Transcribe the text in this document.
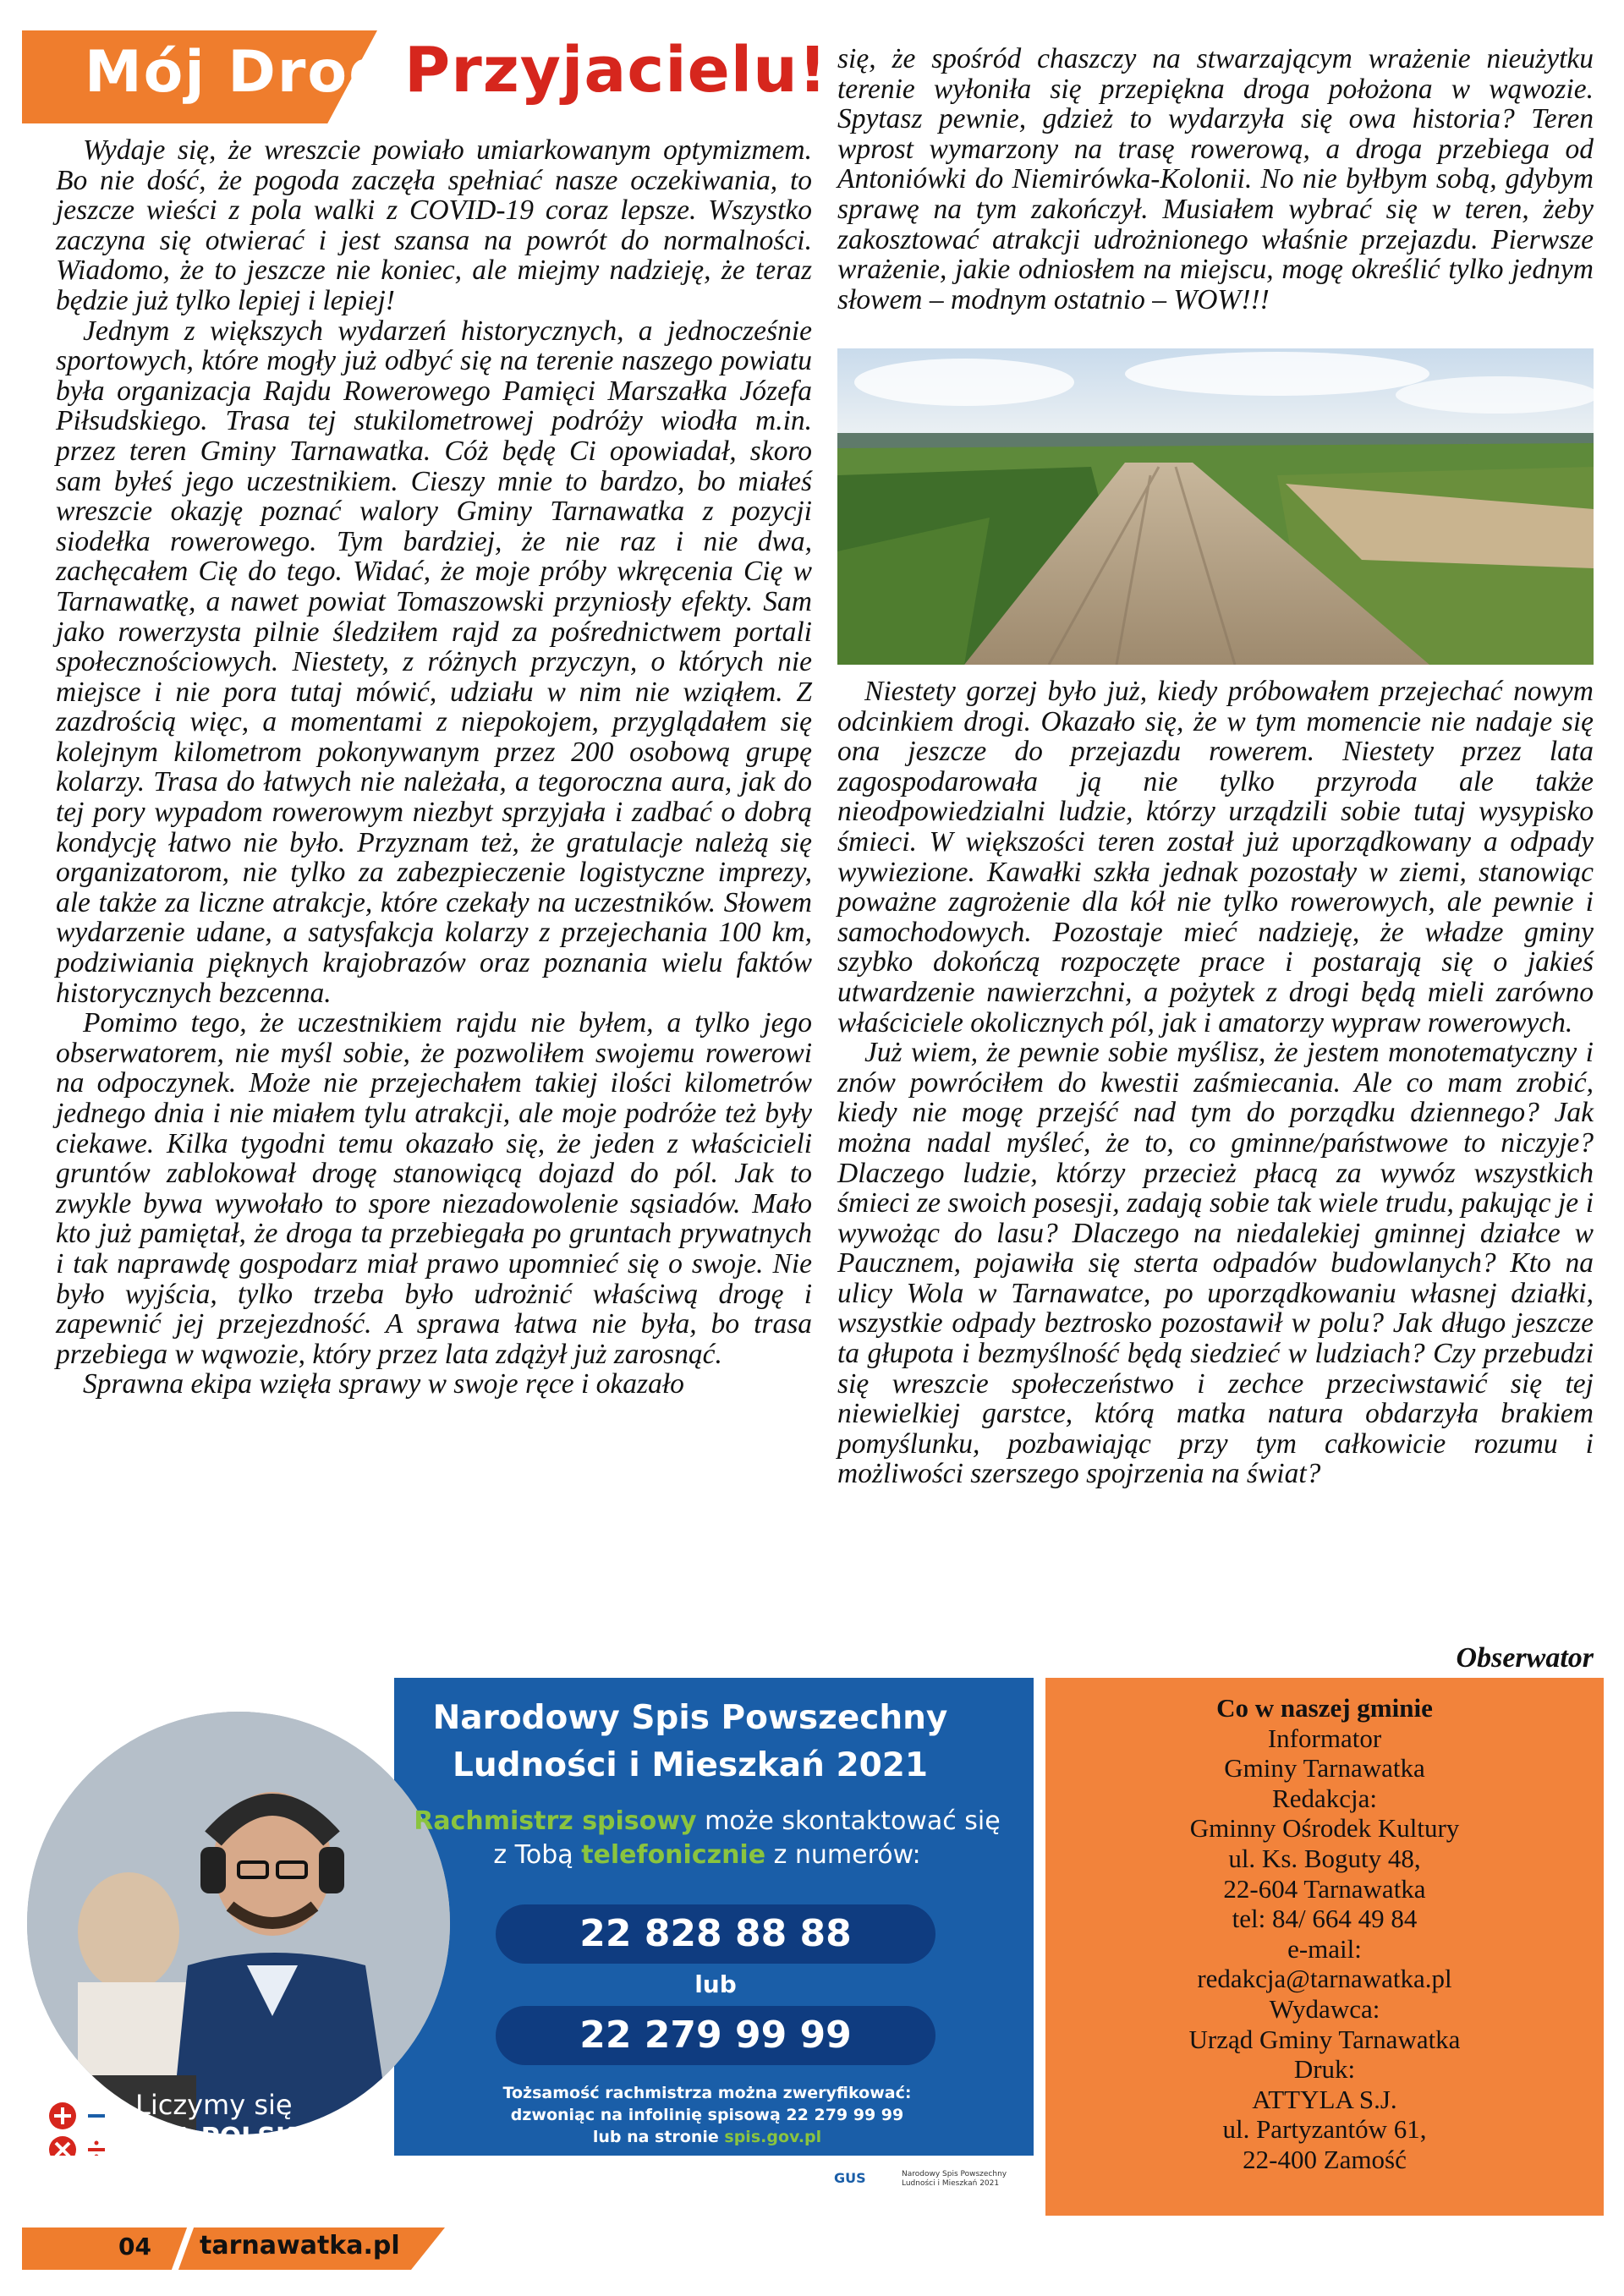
Mój Drogi
Przyjacielu!

Wydaje się, że wreszcie powiało umiarkowanym optymizmem. Bo nie dość, że pogoda zaczęła spełniać nasze oczekiwania, to jeszcze wieści z pola walki z COVID-19 coraz lepsze. Wszystko zaczyna się otwierać i jest szansa na powrót do normalności. Wiadomo, że to jeszcze nie koniec, ale miejmy nadzieję, że teraz będzie już tylko lepiej i lepiej!

Jednym z większych wydarzeń historycznych, a jednocześnie sportowych, które mogły już odbyć się na terenie naszego powiatu była organizacja Rajdu Rowerowego Pamięci Marszałka Józefa Piłsudskiego. Trasa tej stukilometrowej podróży wiodła m.in. przez teren Gminy Tarnawatka. Cóż będę Ci opowiadał, skoro sam byłeś jego uczestnikiem. Cieszy mnie to bardzo, bo miałeś wreszcie okazję poznać walory Gminy Tarnawatka z pozycji siodełka rowerowego. Tym bardziej, że nie raz i nie dwa, zachęcałem Cię do tego. Widać, że moje próby wkręcenia Cię w Tarnawatkę, a nawet powiat Tomaszowski przyniosły efekty. Sam jako rowerzysta pilnie śledziłem rajd za pośrednictwem portali społecznościowych. Niestety, z różnych przyczyn, o których nie miejsce i nie pora tutaj mówić, udziału w nim nie wziąłem. Z zazdrością więc, a momentami z niepokojem, przyglądałem się kolejnym kilometrom pokonywanym przez 200 osobową grupę kolarzy. Trasa do łatwych nie należała, a tegoroczna aura, jak do tej pory wypadom rowerowym niezbyt sprzyjała i zadbać o dobrą kondycję łatwo nie było. Przyznam też, że gratulacje należą się organizatorom, nie tylko za zabezpieczenie logistyczne imprezy, ale także za liczne atrakcje, które czekały na uczestników. Słowem wydarzenie udane, a satysfakcja kolarzy z przejechania 100 km, podziwiania pięknych krajobrazów oraz poznania wielu faktów historycznych bezcenna.

Pomimo tego, że uczestnikiem rajdu nie byłem, a tylko jego obserwatorem, nie myśl sobie, że pozwoliłem swojemu rowerowi na odpoczynek. Może nie przejechałem takiej ilości kilometrów jednego dnia i nie miałem tylu atrakcji, ale moje podróże też były ciekawe. Kilka tygodni temu okazało się, że jeden z właścicieli gruntów zablokował drogę stanowiącą dojazd do pól. Jak to zwykle bywa wywołało to spore niezadowolenie sąsiadów. Mało kto już pamiętał, że droga ta przebiegała po gruntach prywatnych i tak naprawdę gospodarz miał prawo upomnieć się o swoje. Nie było wyjścia, tylko trzeba było udrożnić właściwą drogę i zapewnić jej przejezdność. A sprawa łatwa nie była, bo trasa przebiega w wąwozie, który przez lata zdążył już zarosnąć.

Sprawna ekipa wzięła sprawy w swoje ręce i okazało

się, że spośród chaszczy na stwarzającym wrażenie nieużytku terenie wyłoniła się przepiękna droga położona w wąwozie. Spytasz pewnie, gdzież to wydarzyła się owa historia? Teren wprost wymarzony na trasę rowerową, a droga przebiega od Antoniówki do Niemirówka-Kolonii. No nie byłbym sobą, gdybym sprawę na tym zakończył. Musiałem wybrać się w teren, żeby zakosztować atrakcji udrożnionego właśnie przejazdu. Pierwsze wrażenie, jakie odniosłem na miejscu, mogę określić tylko jednym słowem – modnym ostatnio – WOW!!!

Niestety gorzej było już, kiedy próbowałem przejechać nowym odcinkiem drogi. Okazało się, że w tym momencie nie nadaje się ona jeszcze do przejazdu rowerem. Niestety przez lata zagospodarowała ją nie tylko przyroda ale także nieodpowiedzialni ludzie, którzy urządzili sobie tutaj wysypisko śmieci. W większości teren został już uporządkowany a odpady wywiezione. Kawałki szkła jednak pozostały w ziemi, stanowiąc poważne zagrożenie dla kół nie tylko rowerowych, ale pewnie i samochodowych. Pozostaje mieć nadzieję, że władze gminy szybko dokończą rozpoczęte prace i postarają się o jakieś utwardzenie nawierzchni, a pożytek z drogi będą mieli zarówno właściciele okolicznych pól, jak i amatorzy wypraw rowerowych.

Już wiem, że pewnie sobie myślisz, że jestem monotematyczny i znów powróciłem do kwestii zaśmiecania. Ale co mam zrobić, kiedy nie mogę przejść nad tym do porządku dziennego? Jak można nadal myśleć, że to, co gminne/państwowe to niczyje? Dlaczego ludzie, którzy przecież płacą za wywóz wszystkich śmieci ze swoich posesji, zadają sobie tak wiele trudu, pakując je i wywożąc do lasu? Dlaczego na niedalekiej gminnej działce w Paucznem, pojawiła się sterta odpadów budowlanych? Kto na ulicy Wola w Tarnawatce, po uporządkowaniu własnej działki, wszystkie odpady beztrosko pozostawił w polu? Jak długo jeszcze ta głupota i bezmyślność będą siedzieć w ludziach? Czy przebudzi się wreszcie społeczeństwo i zechce przeciwstawić się tej niewielkiej garstce, którą matka natura obdarzyła brakiem pomyślunku, pozbawiając przy tym całkowicie rozumu i możliwości szerszego spojrzenia na świat?

Obserwator
Narodowy Spis Powszechny
Ludności i Mieszkań 2021
Rachmistrz spisowy może skontaktować się
z Tobą telefonicznie z numerów:
22 828 88 88
lub
22 279 99 99
Tożsamość rachmistrza można zweryfikować:
dzwoniąc na infolinię spisową 22 279 99 99
lub na stronie spis.gov.pl
Liczymy się
DLA POLSKI!
GUS	Narodowy Spis Powszechny Ludności i Mieszkań 2021
Co w naszej gminie
Informator
Gminy Tarnawatka
Redakcja:
Gminny Ośrodek Kultury
ul. Ks. Boguty 48,
22-604 Tarnawatka
tel: 84/ 664 49 84
e-mail:
redakcja@tarnawatka.pl
Wydawca:
Urząd Gminy Tarnawatka
Druk:
ATTYLA S.J.
ul. Partyzantów 61,
22-400 Zamość
04 tarnawatka.pl
